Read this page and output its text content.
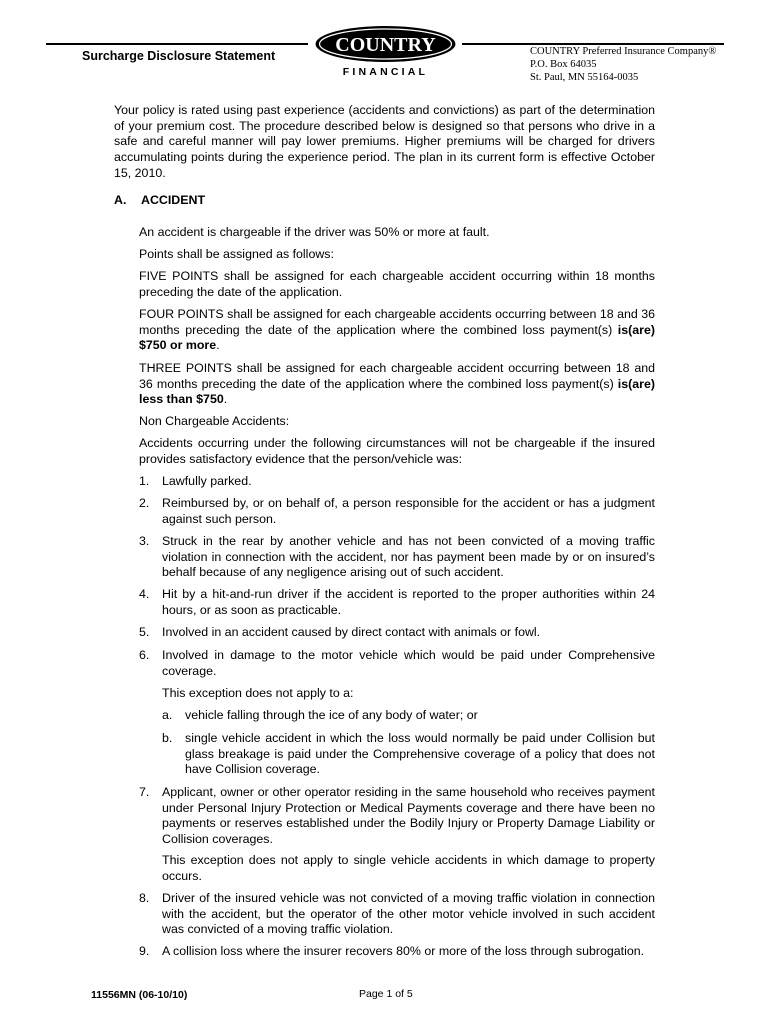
Surcharge Disclosure Statement	COUNTRY
FINANCIAL
COUNTRY Preferred Insurance Company®
P.O. Box 64035
St. Paul, MN 55164-0035
Your policy is rated using past experience (accidents and convictions) as part of the determination of your premium cost. The procedure described below is designed so that persons who drive in a safe and careful manner will pay lower premiums. Higher premiums will be charged for drivers accumulating points during the experience period. The plan in its current form is effective October 15, 2010.
A. ACCIDENT
An accident is chargeable if the driver was 50% or more at fault.
Points shall be assigned as follows:
FIVE POINTS shall be assigned for each chargeable accident occurring within 18 months preceding the date of the application.
FOUR POINTS shall be assigned for each chargeable accidents occurring between 18 and 36 months preceding the date of the application where the combined loss payment(s) is(are) $750 or more.
THREE POINTS shall be assigned for each chargeable accident occurring between 18 and 36 months preceding the date of the application where the combined loss payment(s) is(are) less than $750.
Non Chargeable Accidents:
Accidents occurring under the following circumstances will not be chargeable if the insured provides satisfactory evidence that the person/vehicle was:
1. Lawfully parked.
2. Reimbursed by, or on behalf of, a person responsible for the accident or has a judgment against such person.
3. Struck in the rear by another vehicle and has not been convicted of a moving traffic violation in connection with the accident, nor has payment been made by or on insured’s behalf because of any negligence arising out of such accident.
4. Hit by a hit-and-run driver if the accident is reported to the proper authorities within 24 hours, or as soon as practicable.
5. Involved in an accident caused by direct contact with animals or fowl.
6. Involved in damage to the motor vehicle which would be paid under Comprehensive coverage.
This exception does not apply to a:
a. vehicle falling through the ice of any body of water; or
b. single vehicle accident in which the loss would normally be paid under Collision but glass breakage is paid under the Comprehensive coverage of a policy that does not have Collision coverage.
7. Applicant, owner or other operator residing in the same household who receives payment under Personal Injury Protection or Medical Payments coverage and there have been no payments or reserves established under the Bodily Injury or Property Damage Liability or Collision coverages.
This exception does not apply to single vehicle accidents in which damage to property occurs.
8. Driver of the insured vehicle was not convicted of a moving traffic violation in connection with the accident, but the operator of the other motor vehicle involved in such accident was convicted of a moving traffic violation.
9. A collision loss where the insurer recovers 80% or more of the loss through subrogation.
11556MN (06-10/10)	Page 1 of 5
